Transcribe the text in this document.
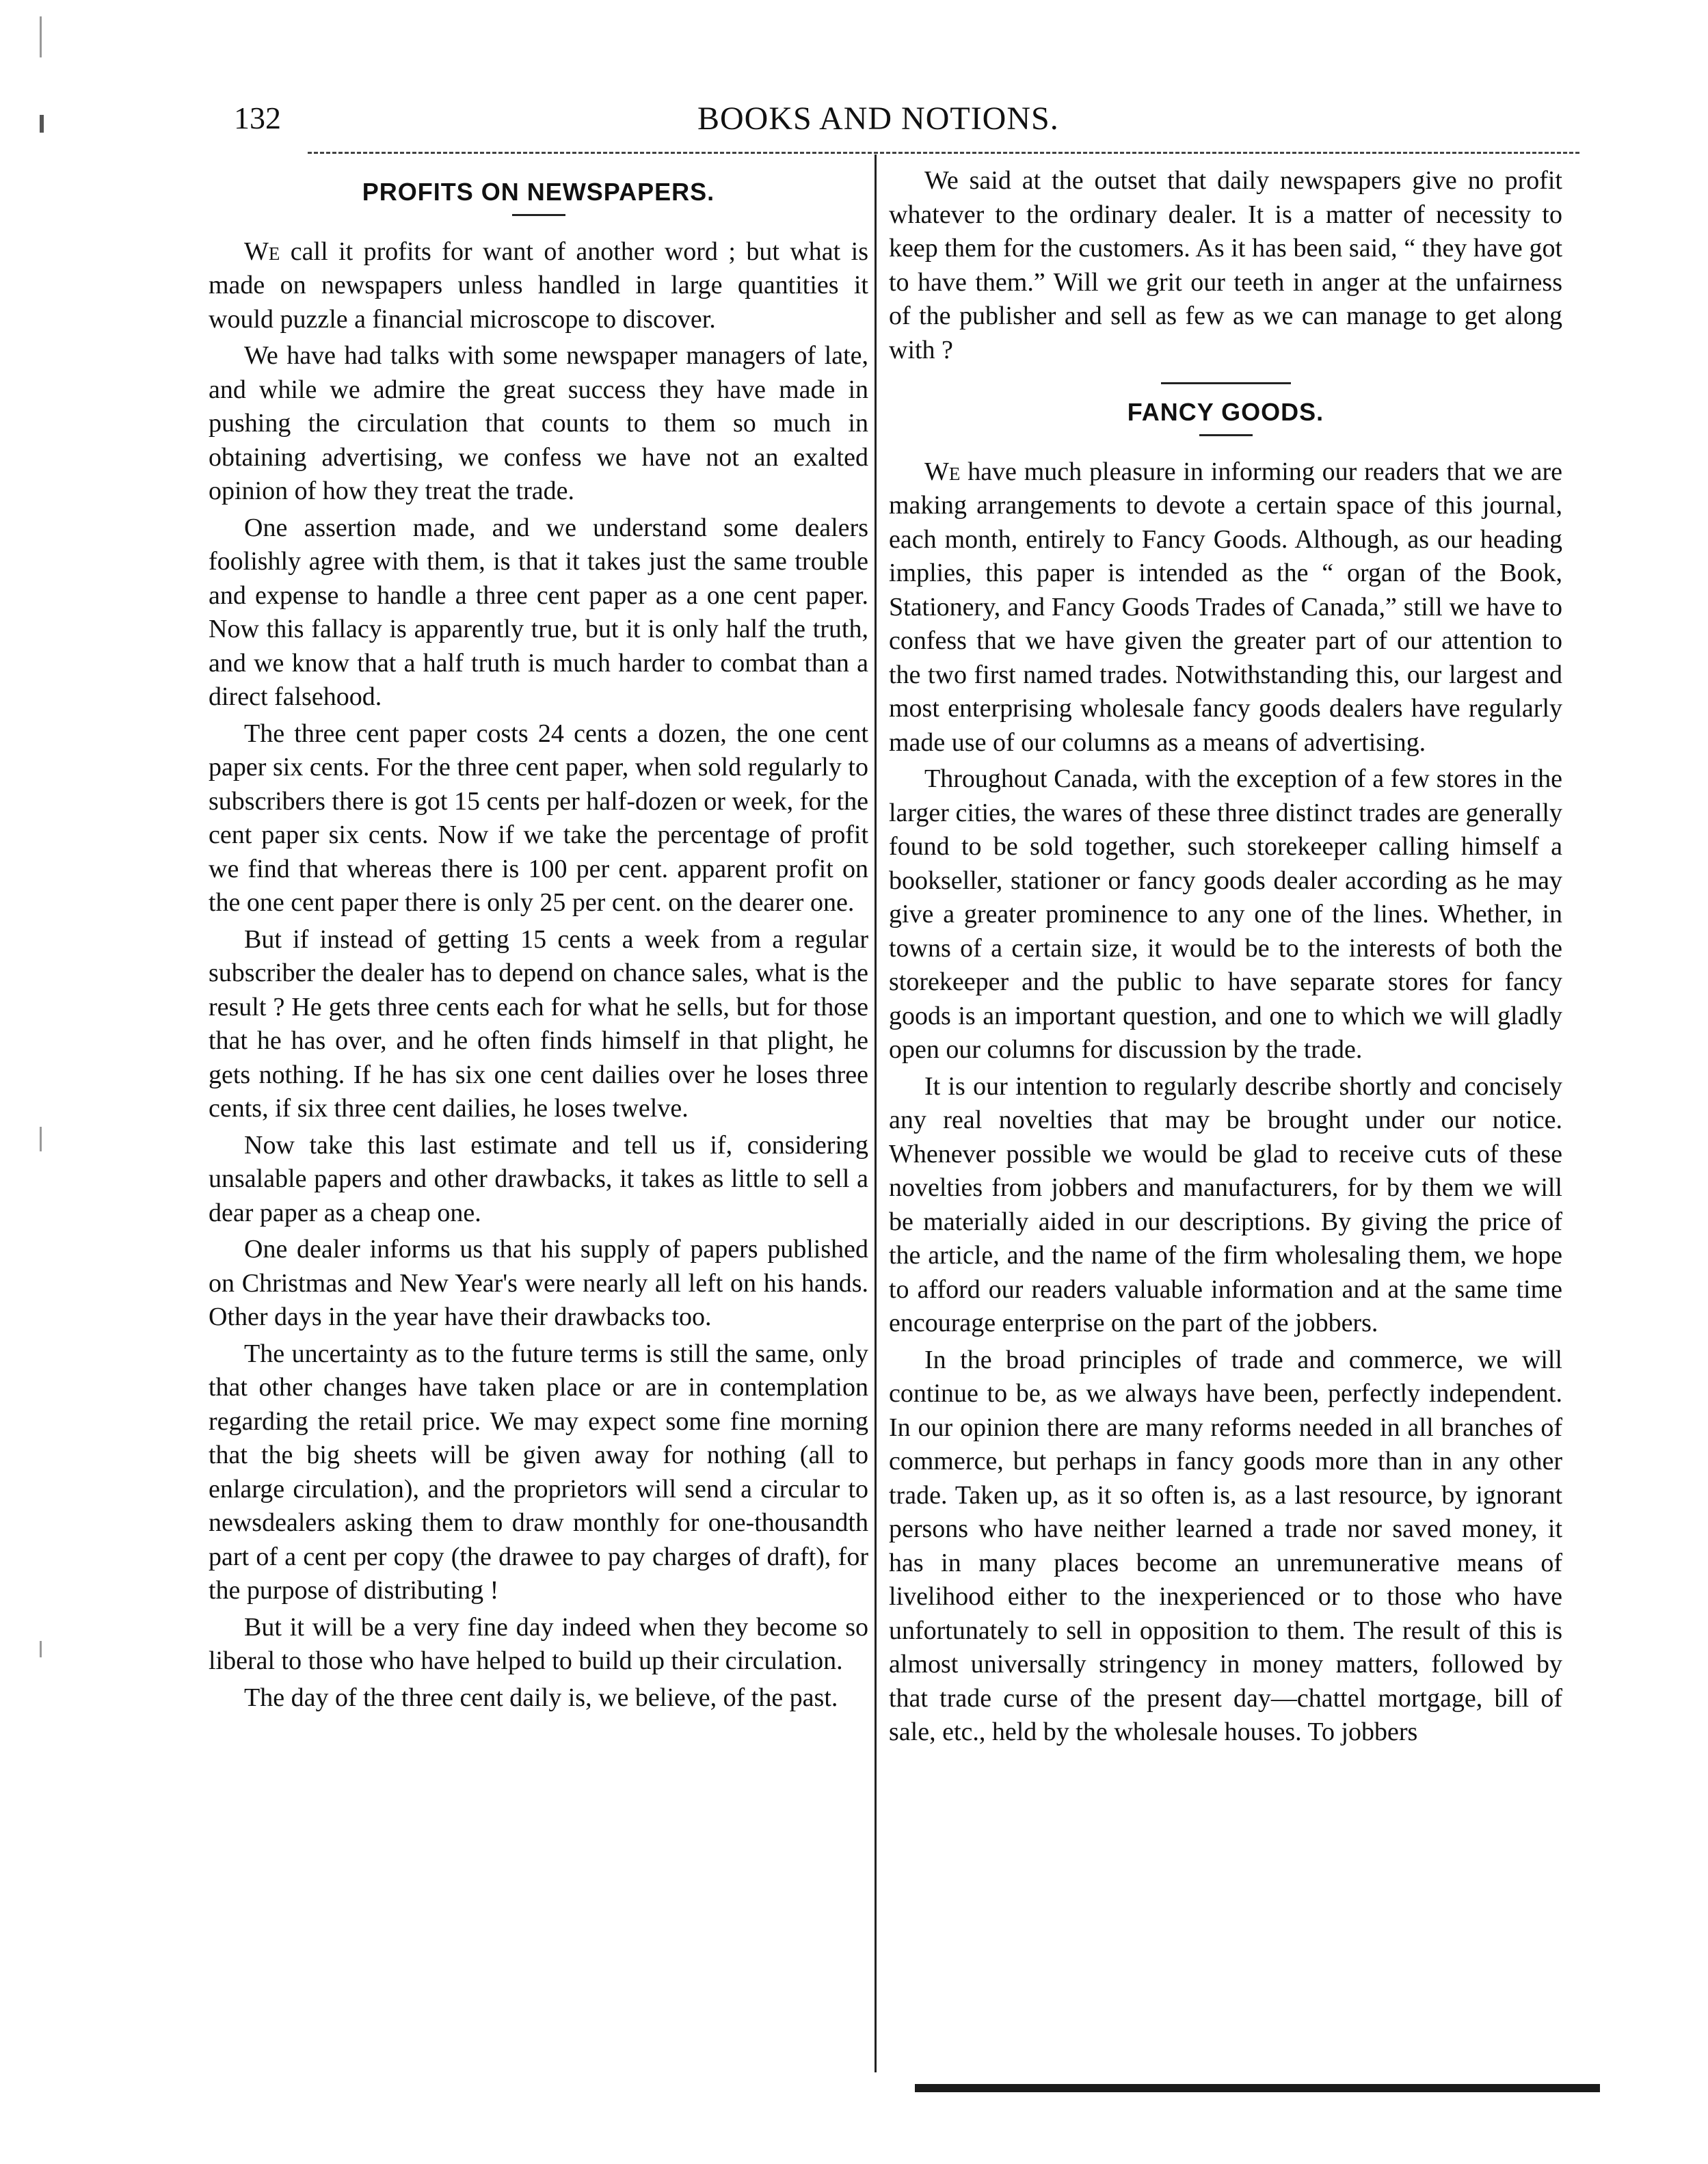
132	BOOKS AND NOTIONS.
PROFITS ON NEWSPAPERS.

We call it profits for want of another word ; but what is made on newspapers unless handled in large quantities it would puzzle a financial microscope to discover.

We have had talks with some newspaper managers of late, and while we admire the great success they have made in pushing the circulation that counts to them so much in obtaining advertising, we confess we have not an exalted opinion of how they treat the trade.

One assertion made, and we understand some dealers foolishly agree with them, is that it takes just the same trouble and expense to handle a three cent paper as a one cent paper. Now this fallacy is apparently true, but it is only half the truth, and we know that a half truth is much harder to combat than a direct falsehood.

The three cent paper costs 24 cents a dozen, the one cent paper six cents. For the three cent paper, when sold regularly to subscribers there is got 15 cents per half-dozen or week, for the cent paper six cents. Now if we take the percentage of profit we find that whereas there is 100 per cent. apparent profit on the one cent paper there is only 25 per cent. on the dearer one.

But if instead of getting 15 cents a week from a regular subscriber the dealer has to depend on chance sales, what is the result ? He gets three cents each for what he sells, but for those that he has over, and he often finds himself in that plight, he gets nothing. If he has six one cent dailies over he loses three cents, if six three cent dailies, he loses twelve.

Now take this last estimate and tell us if, considering unsalable papers and other drawbacks, it takes as little to sell a dear paper as a cheap one.

One dealer informs us that his supply of papers published on Christmas and New Year's were nearly all left on his hands. Other days in the year have their drawbacks too.

The uncertainty as to the future terms is still the same, only that other changes have taken place or are in contemplation regarding the retail price. We may expect some fine morning that the big sheets will be given away for nothing (all to enlarge circulation), and the proprietors will send a circular to newsdealers asking them to draw monthly for one-thousandth part of a cent per copy (the drawee to pay charges of draft), for the purpose of distributing !

But it will be a very fine day indeed when they become so liberal to those who have helped to build up their circulation.

The day of the three cent daily is, we believe, of the past.

We said at the outset that daily newspapers give no profit whatever to the ordinary dealer. It is a matter of necessity to keep them for the customers. As it has been said, “ they have got to have them.” Will we grit our teeth in anger at the unfairness of the publisher and sell as few as we can manage to get along with ?

FANCY GOODS.

We have much pleasure in informing our readers that we are making arrangements to devote a certain space of this journal, each month, entirely to Fancy Goods. Although, as our heading implies, this paper is intended as the “ organ of the Book, Stationery, and Fancy Goods Trades of Canada,” still we have to confess that we have given the greater part of our attention to the two first named trades. Notwithstanding this, our largest and most enterprising wholesale fancy goods dealers have regularly made use of our columns as a means of advertising.

Throughout Canada, with the exception of a few stores in the larger cities, the wares of these three distinct trades are generally found to be sold together, such storekeeper calling himself a bookseller, stationer or fancy goods dealer according as he may give a greater prominence to any one of the lines. Whether, in towns of a certain size, it would be to the interests of both the storekeeper and the public to have separate stores for fancy goods is an important question, and one to which we will gladly open our columns for discussion by the trade.

It is our intention to regularly describe shortly and concisely any real novelties that may be brought under our notice. Whenever possible we would be glad to receive cuts of these novelties from jobbers and manufacturers, for by them we will be materially aided in our descriptions. By giving the price of the article, and the name of the firm wholesaling them, we hope to afford our readers valuable information and at the same time encourage enterprise on the part of the jobbers.

In the broad principles of trade and commerce, we will continue to be, as we always have been, perfectly independent. In our opinion there are many reforms needed in all branches of commerce, but perhaps in fancy goods more than in any other trade. Taken up, as it so often is, as a last resource, by ignorant persons who have neither learned a trade nor saved money, it has in many places become an unremunerative means of livelihood either to the inexperienced or to those who have unfortunately to sell in opposition to them. The result of this is almost universally stringency in money matters, followed by that trade curse of the present day—chattel mortgage, bill of sale, etc., held by the wholesale houses. To jobbers
